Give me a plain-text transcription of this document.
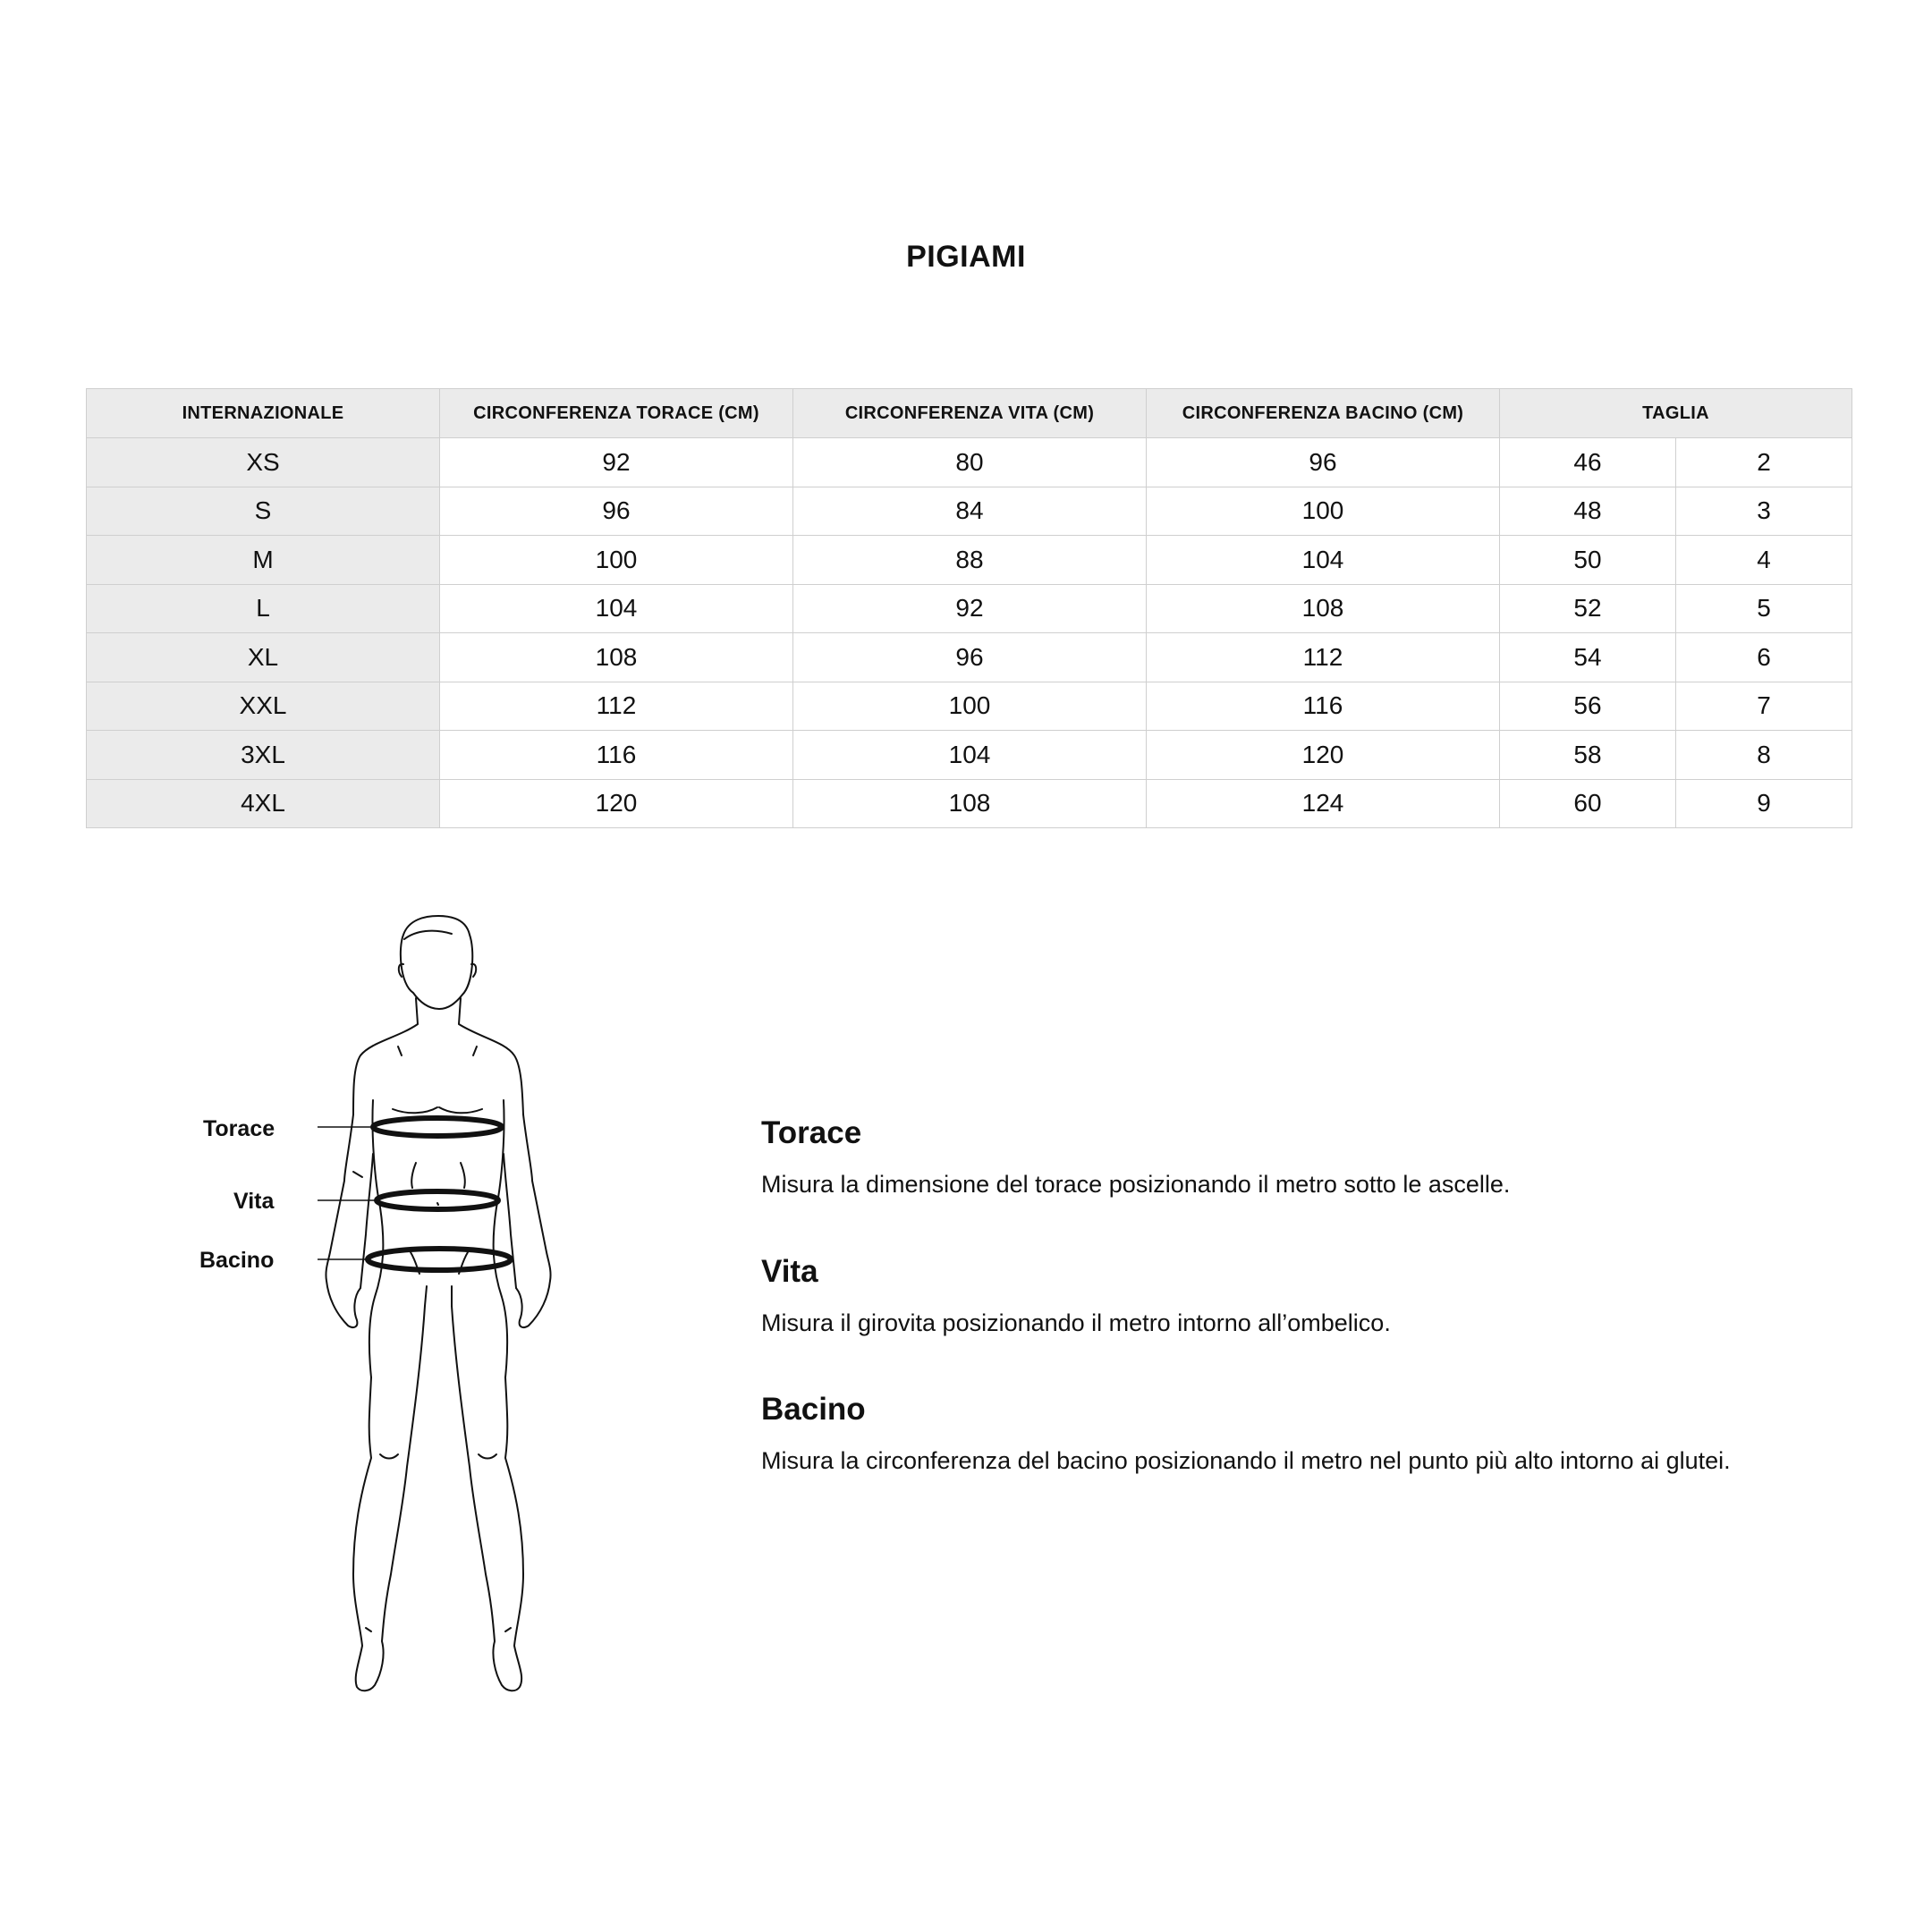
PIGIAMI
INTERNAZIONALE	CIRCONFERENZA TORACE (CM)	CIRCONFERENZA VITA (CM)	CIRCONFERENZA BACINO (CM)	TAGLIA	
XS	92	80	96	46	2
S	96	84	100	48	3
M	100	88	104	50	4
L	104	92	108	52	5
XL	108	96	112	54	6
XXL	112	100	116	56	7
3XL	116	104	120	58	8
4XL	120	108	124	60	9
Torace
Vita
Bacino
Torace

Misura la dimensione del torace posizionando il metro sotto le ascelle.

Vita

Misura il girovita posizionando il metro intorno all’ombelico.

Bacino

Misura la circonferenza del bacino posizionando il metro nel punto più alto intorno ai glutei.
